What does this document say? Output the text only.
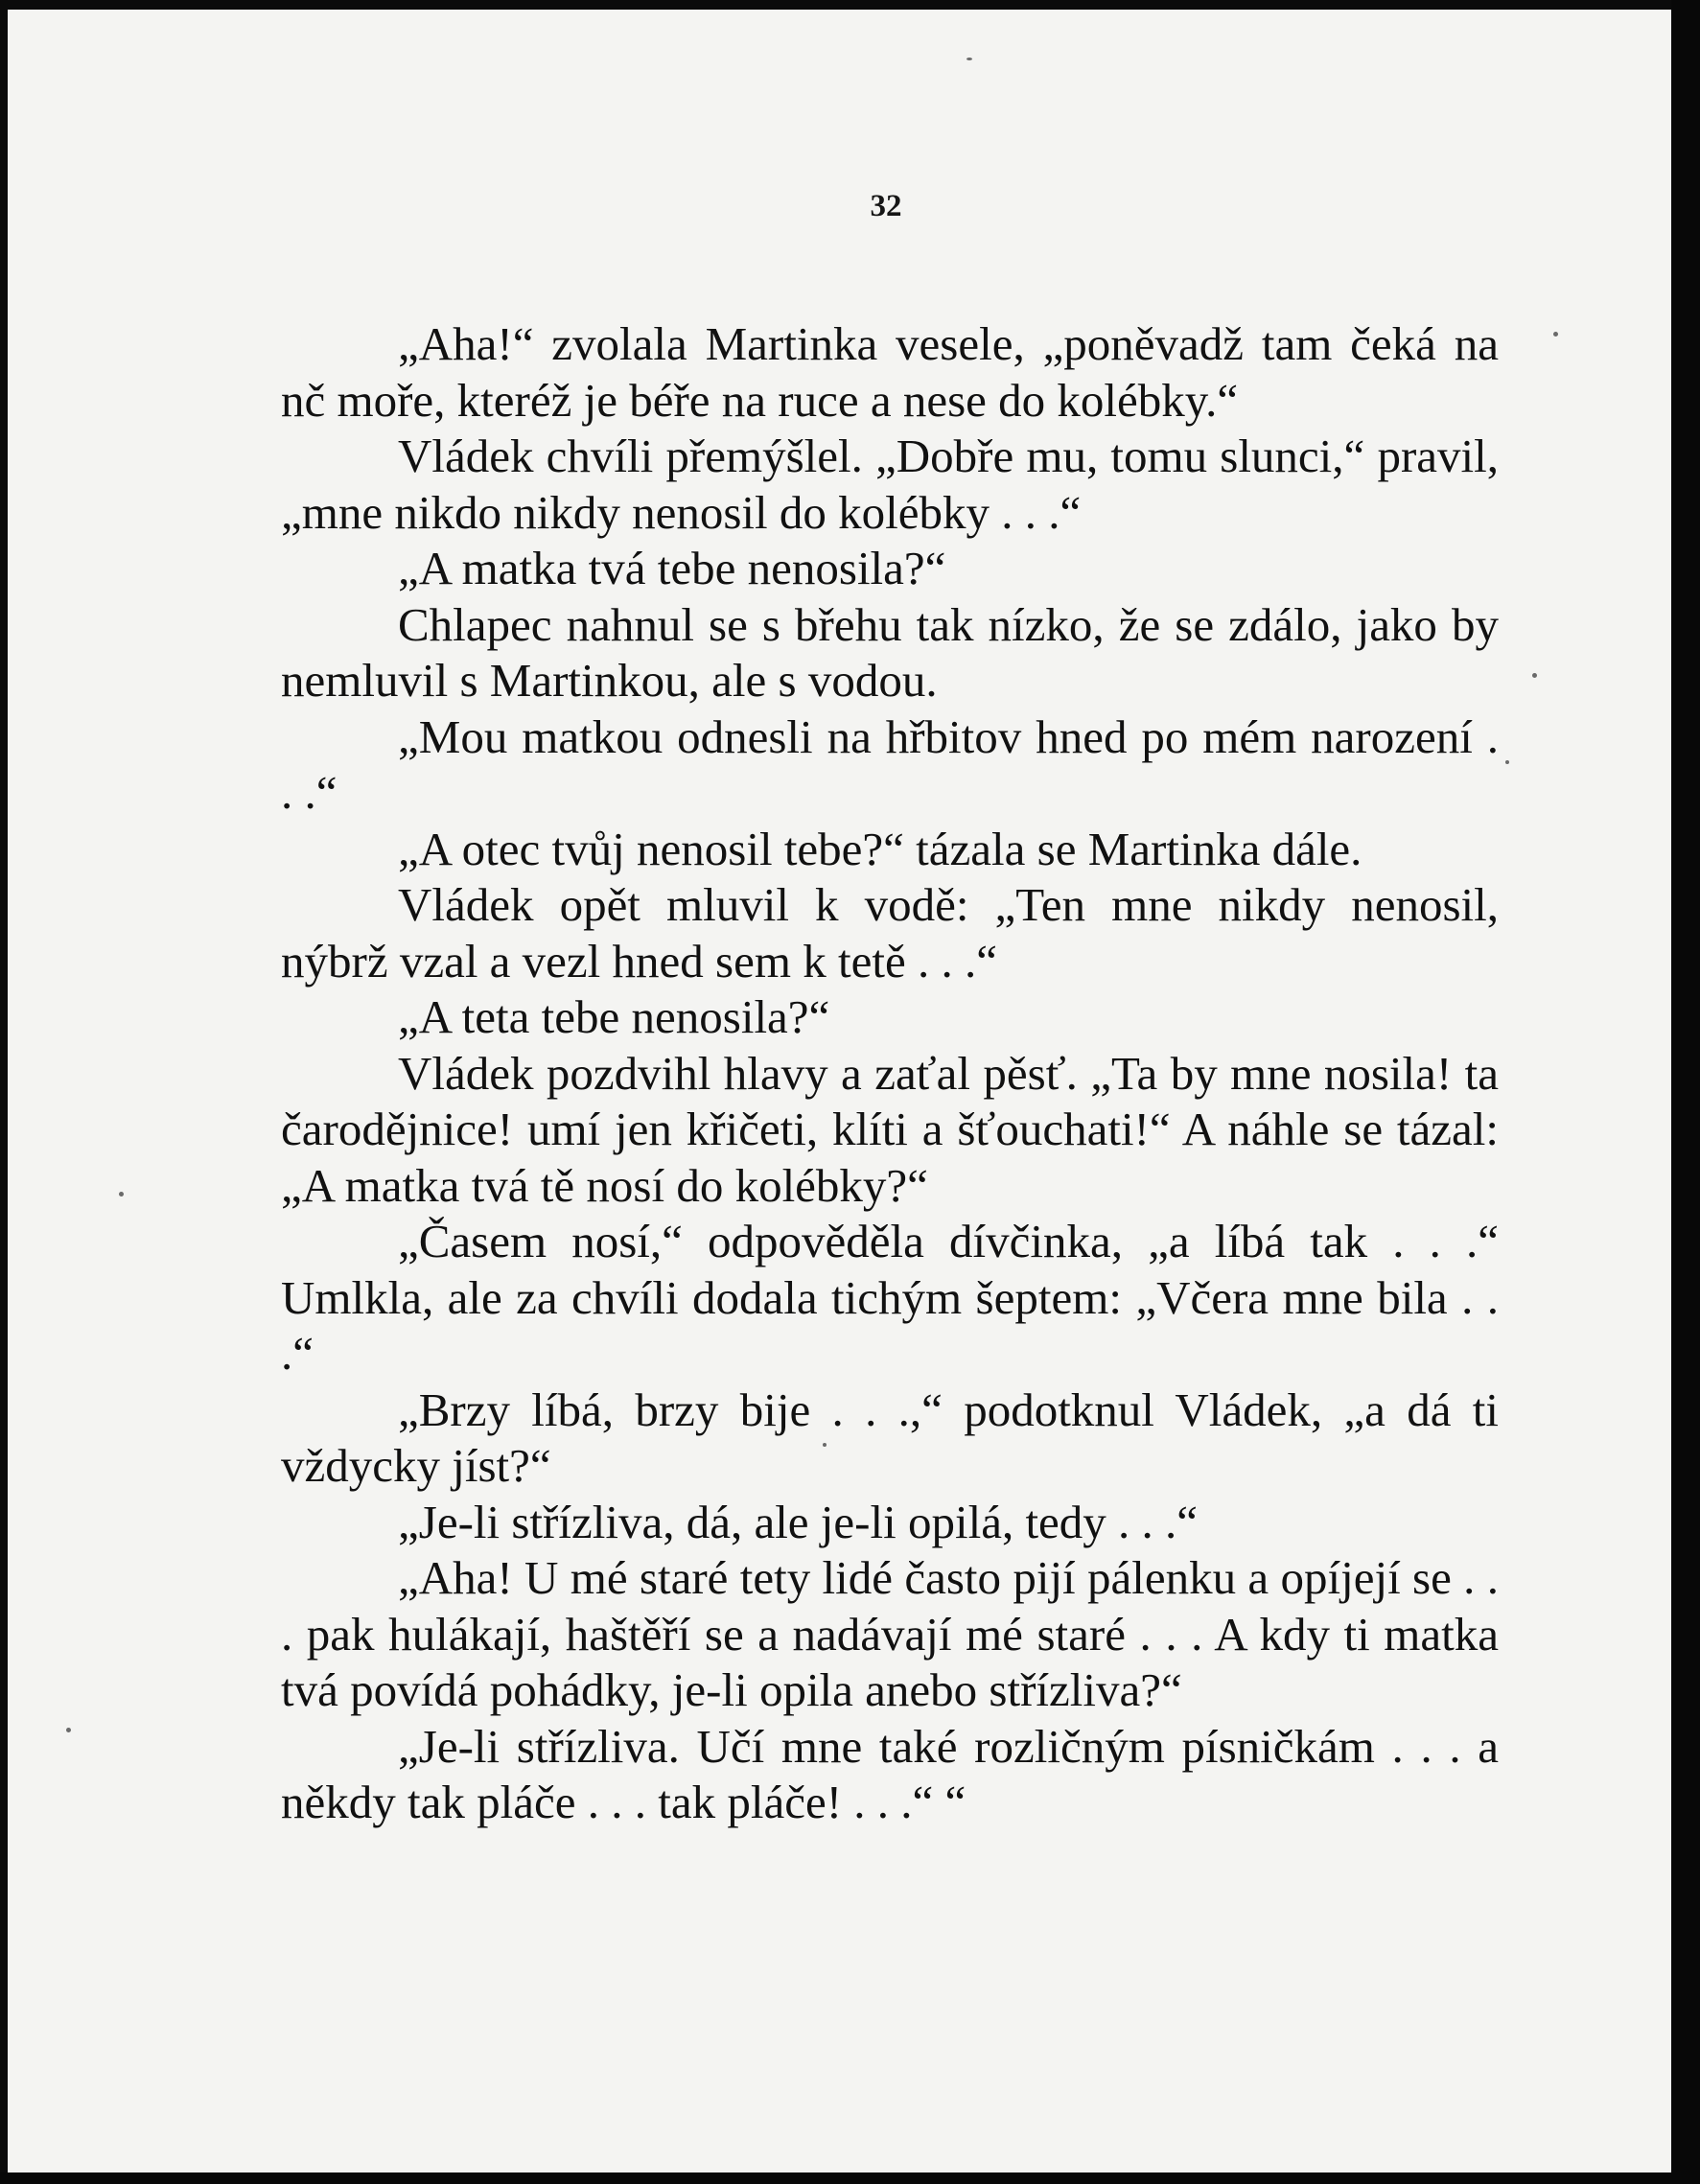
32

„Aha!“ zvolala Martinka vesele, „poněvadž tam čeká na nč moře, kteréž je béře na ruce a nese do kolébky.“

Vládek chvíli přemýšlel. „Dobře mu, tomu slunci,“ pravil, „mne nikdo nikdy nenosil do kolébky . . .“

„A matka tvá tebe nenosila?“

Chlapec nahnul se s břehu tak nízko, že se zdálo, jako by nemluvil s Martinkou, ale s vodou.

„Mou matkou odnesli na hřbitov hned po mém narození . . .“

„A otec tvůj nenosil tebe?“ tázala se Martinka dále.

Vládek opět mluvil k vodě: „Ten mne nikdy nenosil, nýbrž vzal a vezl hned sem k tetě . . .“

„A teta tebe nenosila?“

Vládek pozdvihl hlavy a zaťal pěsť. „Ta by mne nosila! ta čarodějnice! umí jen křičeti, klíti a šťouchati!“ A náhle se tázal: „A matka tvá tě nosí do kolébky?“

„Časem nosí,“ odpověděla dívčinka, „a líbá tak . . .“ Umlkla, ale za chvíli dodala tichým šeptem: „Včera mne bila . . .“

„Brzy líbá, brzy bije . . .,“ podotknul Vládek, „a dá ti vždycky jíst?“

„Je-li střízliva, dá, ale je-li opilá, tedy . . .“

„Aha! U mé staré tety lidé často pijí pálenku a opíjejí se . . . pak hulákají, haštěří se a nadávají mé staré . . . A kdy ti matka tvá povídá pohádky, je-li opila anebo střízliva?“

„Je-li střízliva. Učí mne také rozličným písničkám . . . a někdy tak pláče . . . tak pláče! . . .“ “
